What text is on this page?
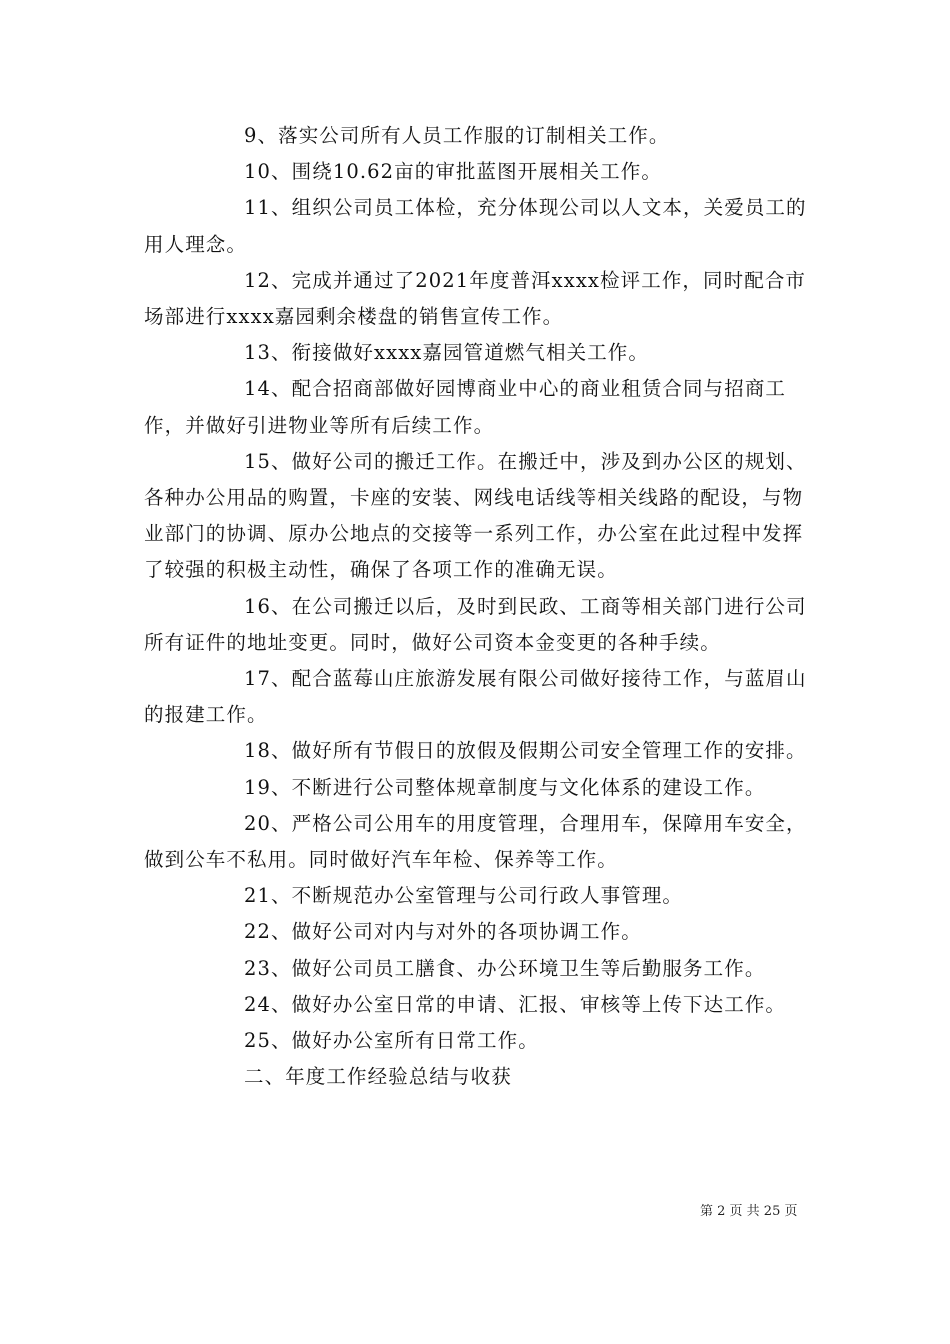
9、落实公司所有人员工作服的订制相关工作。

10、围绕10.62亩的审批蓝图开展相关工作。

11、组织公司员工体检，充分体现公司以人文本，关爱员工的用人理念。

12、完成并通过了2021年度普洱xxxx检评工作，同时配合市场部进行xxxx嘉园剩余楼盘的销售宣传工作。

13、衔接做好xxxx嘉园管道燃气相关工作。

14、配合招商部做好园博商业中心的商业租赁合同与招商工作，并做好引进物业等所有后续工作。

15、做好公司的搬迁工作。在搬迁中，涉及到办公区的规划、各种办公用品的购置，卡座的安装、网线电话线等相关线路的配设，与物业部门的协调、原办公地点的交接等一系列工作，办公室在此过程中发挥了较强的积极主动性，确保了各项工作的准确无误。

16、在公司搬迁以后，及时到民政、工商等相关部门进行公司所有证件的地址变更。同时，做好公司资本金变更的各种手续。

17、配合蓝莓山庄旅游发展有限公司做好接待工作，与蓝眉山的报建工作。

18、做好所有节假日的放假及假期公司安全管理工作的安排。

19、不断进行公司整体规章制度与文化体系的建设工作。

20、严格公司公用车的用度管理，合理用车，保障用车安全，做到公车不私用。同时做好汽车年检、保养等工作。

21、不断规范办公室管理与公司行政人事管理。

22、做好公司对内与对外的各项协调工作。

23、做好公司员工膳食、办公环境卫生等后勤服务工作。

24、做好办公室日常的申请、汇报、审核等上传下达工作。

25、做好办公室所有日常工作。

二、年度工作经验总结与收获

第 2 页 共 25 页
